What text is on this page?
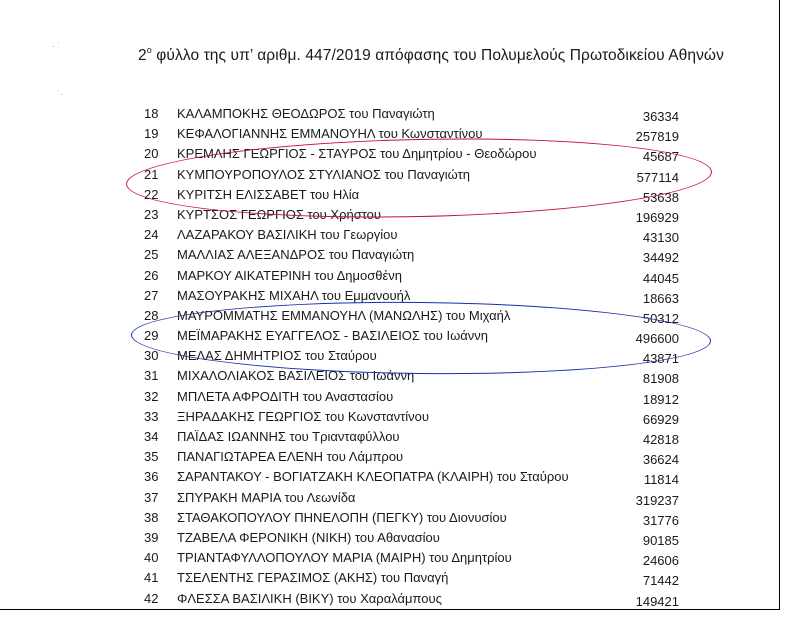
· ˙
˙·
$2^o$ φύλλο της υπ’ αριθμ. 447/2019 απόφασης του Πολυμελούς Πρωτοδικείου Αθηνών
18 ΚΑΛΑΜΠΟΚΗΣ ΘΕΟΔΩΡΟΣ του Παναγιώτη	36334
19 ΚΕΦΑΛΟΓΙΑΝΝΗΣ ΕΜΜΑΝΟΥΗΛ του Κωνσταντίνου	257819
20 ΚΡΕΜΛΗΣ ΓΕΩΡΓΙΟΣ - ΣΤΑΥΡΟΣ του Δημητρίου - Θεοδώρου	45687
21 ΚΥΜΠΟΥΡΟΠΟΥΛΟΣ ΣΤΥΛΙΑΝΟΣ του Παναγιώτη	577114
22 ΚΥΡΙΤΣΗ ΕΛΙΣΣΑΒΕΤ του Ηλία	53638
23 ΚΥΡΤΣΟΣ ΓΕΩΡΓΙΟΣ του Χρήστου	196929
24 ΛΑΖΑΡΑΚΟΥ ΒΑΣΙΛΙΚΗ του Γεωργίου	43130
25 ΜΑΛΛΙΑΣ ΑΛΕΞΑΝΔΡΟΣ του Παναγιώτη	34492
26 ΜΑΡΚΟΥ ΑΙΚΑΤΕΡΙΝΗ του Δημοσθένη	44045
27 ΜΑΣΟΥΡΑΚΗΣ ΜΙΧΑΗΛ του Εμμανουήλ	18663
28 ΜΑΥΡΟΜΜΑΤΗΣ ΕΜΜΑΝΟΥΗΛ (ΜΑΝΩΛΗΣ) του Μιχαήλ	50312
29 ΜΕΪΜΑΡΑΚΗΣ ΕΥΑΓΓΕΛΟΣ - ΒΑΣΙΛΕΙΟΣ του Ιωάννη	496600
30 ΜΕΛΑΣ ΔΗΜΗΤΡΙΟΣ του Σταύρου	43871
31 ΜΙΧΑΛΟΛΙΑΚΟΣ ΒΑΣΙΛΕΙΟΣ του Ιωάννη	81908
32 ΜΠΛΕΤΑ ΑΦΡΟΔΙΤΗ του Αναστασίου	18912
33 ΞΗΡΑΔΑΚΗΣ ΓΕΩΡΓΙΟΣ του Κωνσταντίνου	66929
34 ΠΑΪΔΑΣ ΙΩΑΝΝΗΣ του Τριανταφύλλου	42818
35 ΠΑΝΑΓΙΩΤΑΡΕΑ ΕΛΕΝΗ του Λάμπρου	36624
36 ΣΑΡΑΝΤΑΚΟΥ - ΒΟΓΙΑΤΖΑΚΗ ΚΛΕΟΠΑΤΡΑ (ΚΛΑΙΡΗ) του Σταύρου	11814
37 ΣΠΥΡΑΚΗ ΜΑΡΙΑ του Λεωνίδα	319237
38 ΣΤΑΘΑΚΟΠΟΥΛΟΥ ΠΗΝΕΛΟΠΗ (ΠΕΓΚΥ) του Διονυσίου	31776
39 ΤΖΑΒΕΛΑ ΦΕΡΟΝΙΚΗ (ΝΙΚΗ) του Αθανασίου	90185
40 ΤΡΙΑΝΤΑΦΥΛΛΟΠΟΥΛΟΥ ΜΑΡΙΑ (ΜΑΙΡΗ) του Δημητρίου	24606
41 ΤΣΕΛΕΝΤΗΣ ΓΕΡΑΣΙΜΟΣ (ΑΚΗΣ) του Παναγή	71442
42 ΦΛΕΣΣΑ ΒΑΣΙΛΙΚΗ (ΒΙΚΥ) του Χαραλάμπους	149421
